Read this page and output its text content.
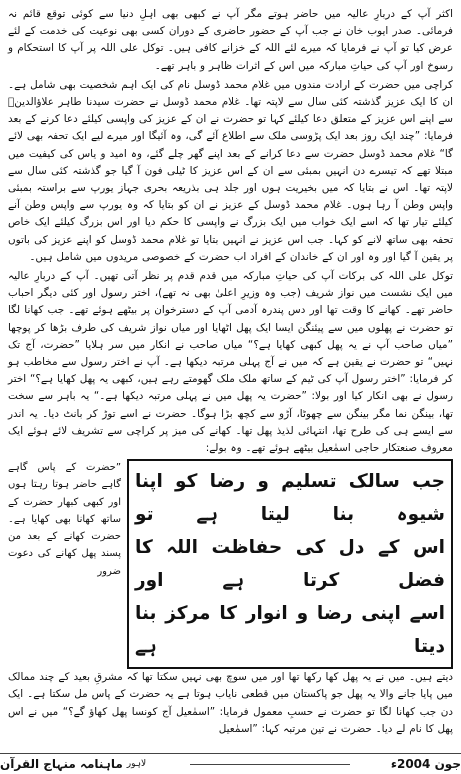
اکثر آپ کے دربارِ عالیہ میں حاضر ہوتے مگر آپ نے کبھی بھی اہلِ دنیا سے کوئی توقع قائم نہ فرمائی۔ صدر ایوب خان نے جب آپ کے حضور حاضری کے دوران کسی بھی نوعیت کی خدمت کے لئے عرض کیا تو آپ نے فرمایا کہ میرے لئے اللہ کے خزانے کافی ہیں۔ توکل علی اللہ پر آپ کا استحکام و رسوخ اور آپ کی حیاتِ مبارکہ میں اس کے اثرات ظاہر و باہر تھے۔

کراچی میں حضرت کے ارادت مندوں میں غلام محمد ڈوسل نام کی ایک اہم شخصیت بھی شامل ہے۔ ان کا ایک عزیز گذشتہ کئی سال سے لاپتہ تھا۔ غلام محمد ڈوسل نے حضرت سیدنا طاہر علاؤالدینؒ سے اپنے اس عزیز کے متعلق دعا کیلئے کہا تو حضرت نے ان کے عزیز کی واپسی کیلئے دعا کرنے کے بعد فرمایا: ”چند ایک روز بعد ایک پڑوسی ملک سے اطلاع آئے گی، وہ آئیگا اور میرے لیے ایک تحفہ بھی لائے گا“ غلام محمد ڈوسل حضرت سے دعا کرانے کے بعد اپنے گھر چلے گئے، وہ امید و یاس کی کیفیت میں مبتلا تھے کہ تیسرے دن انہیں بمبئی سے ان کے اس عزیز کا ٹیلی فون آ گیا جو گذشتہ کئی سال سے لاپتہ تھا۔ اس نے بتایا کہ میں بخیریت ہوں اور جلد ہی بذریعہ بحری جہاز یورپ سے براستہ بمبئی واپس وطن آ رہا ہوں۔ غلام محمد ڈوسل کے عزیز نے ان کو بتایا کہ وہ یورپ سے واپس وطن آنے کیلئے تیار تھا کہ اسے ایک خواب میں ایک بزرگ نے واپسی کا حکم دیا اور اس بزرگ کیلئے ایک خاص تحفہ بھی ساتھ لانے کو کہا۔ جب اس عزیز نے انہیں بتایا تو غلام محمد ڈوسل کو اپنے عزیز کی باتوں پر یقین آ گیا اور وہ اور ان کے خاندان کے افراد اب حضرت کے خصوصی مریدوں میں شامل ہیں۔

توکل علی اللہ کی برکات آپ کی حیاتِ مبارکہ میں قدم قدم پر نظر آتی تھیں۔ آپ کے دربارِ عالیہ میں ایک نشست میں نواز شریف (جب وہ وزیرِ اعلیٰ بھی نہ تھے)، اختر رسول اور کئی دیگر احباب حاضر تھے۔ کھانے کا وقت تھا اور دس پندرہ آدمی آپ کے دسترخوان پر بیٹھے ہوئے تھے۔ جب کھانا لگا تو حضرت نے پھلوں میں سے پیئنگن ایسا ایک پھل اٹھایا اور میاں نواز شریف کی طرف بڑھا کر پوچھا ”میاں صاحب آپ نے یہ پھل کبھی کھایا ہے؟“ میاں صاحب نے انکار میں سر ہلایا ”حضرت، آج تک نہیں“ تو حضرت نے یقین ہے کہ میں نے آج پہلی مرتبہ دیکھا ہے۔ آپ نے اختر رسول سے مخاطب ہو کر فرمایا: ”اختر رسول آپ کی ٹیم کے ساتھ ملک ملک گھومتے رہے ہیں، کبھی یہ پھل کھایا ہے؟“ اختر رسول نے بھی انکار کیا اور بولا: ”حضرت یہ پھل میں نے پہلی مرتبہ دیکھا ہے۔“ یہ باہر سے سخت تھا، بینگن نما مگر بینگن سے چھوٹا، آڑو سے کچھ بڑا ہوگا۔ حضرت نے اسے توڑ کر بانٹ دیا۔ یہ اندر سے ایسے ہی کی طرح تھا، انتہائی لذیذ پھل تھا۔ کھانے کی میز پر کراچی سے تشریف لائے ہوئے ایک معروف صنعتکار حاجی اسمٰعیل بیٹھے ہوئے تھے۔ وہ بولے:

جب سالک تسلیم و رضا کو اپنا شیوہ بنا لیتا ہے تو

اس کے دل کی حفاظت اللہ کا فضل کرتا ہے اور

اسے اپنی رضا و انوار کا مرکز بنا دیتا ہے

”حضرت کے پاس گاہے گاہے حاضر ہوتا رہتا ہوں اور کبھی کبھار حضرت کے ساتھ کھانا بھی کھایا ہے۔ حضرت کھانے کے بعد من پسند پھل کھانے کی دعوت ضرور

دیتے ہیں۔ میں نے یہ پھل کھا رکھا تھا اور میں سوچ بھی نہیں سکتا تھا کہ مشرقِ بعید کے چند ممالک میں پایا جانے والا یہ پھل جو پاکستان میں قطعی نایاب ہوتا ہے یہ حضرت کے پاس مل سکتا ہے۔ ایک دن جب کھانا لگا تو حضرت نے حسبِ معمول فرمایا: ”اسمٰعیل آج کونسا پھل کھاؤ گے؟“ میں نے اس پھل کا نام لے دیا۔ حضرت نے تین مرتبہ کہا: ”اسمٰعیل

ماہنامہ منہاج القرآن لاہور	جون 2004ء
